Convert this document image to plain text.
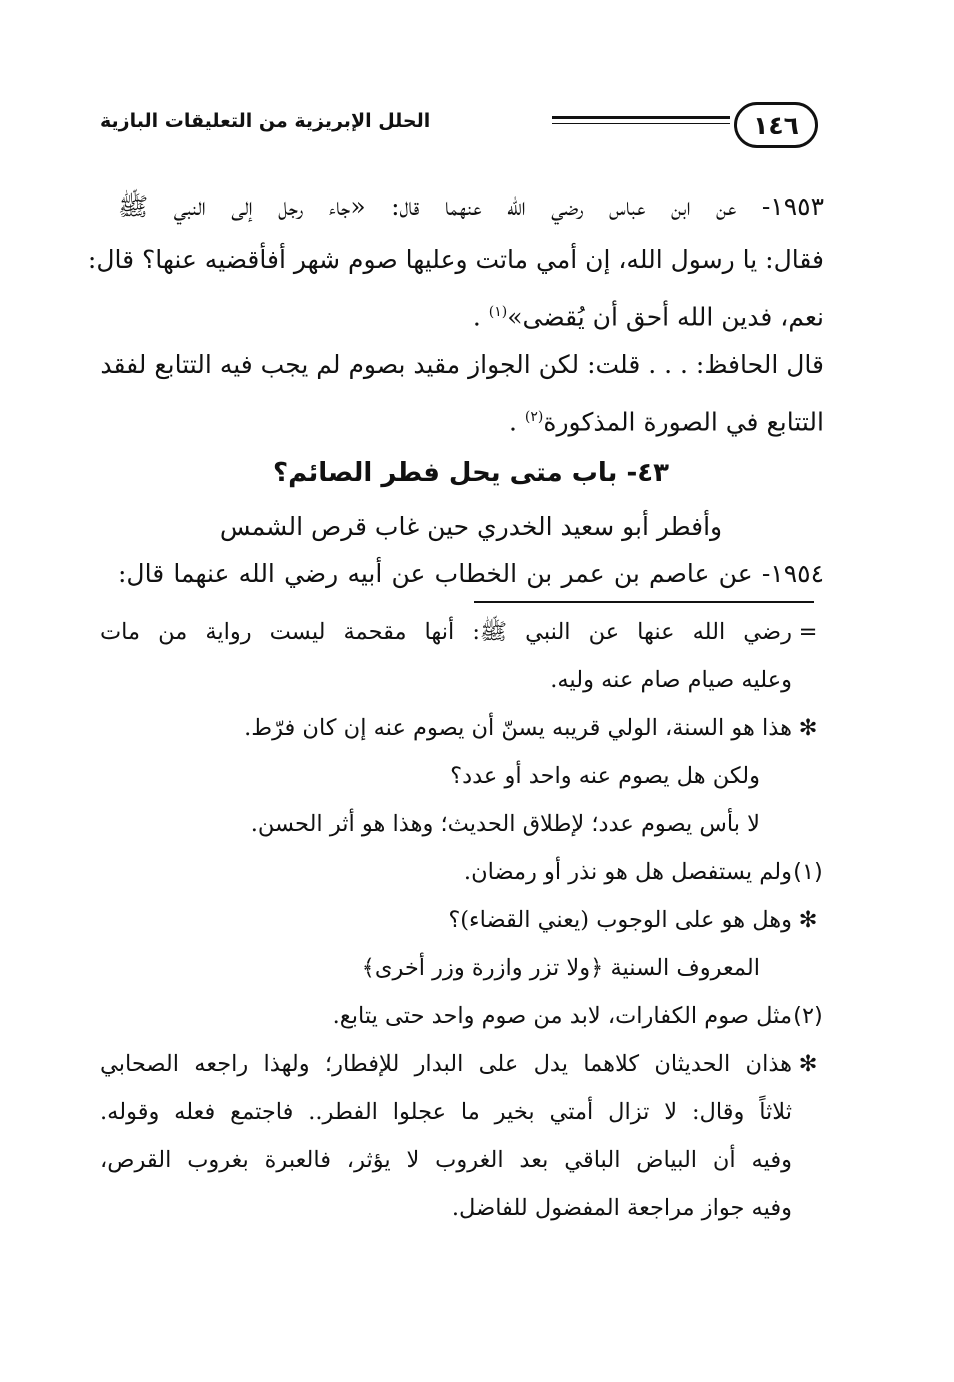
١٤٦
الحلل الإبريزية من التعليقات البازية
١٩٥٣- عن ابن عباس رضي الله عنهما قال: «جاء رجل إلى النبي ﷺ
فقال: يا رسول الله، إن أمي ماتت وعليها صوم شهر أفأقضيه عنها؟ قال:
نعم، فدين الله أحق أن يُقضى»$^{(١)}$ .
قال الحافظ: . . . قلت: لكن الجواز مقيد بصوم لم يجب فيه التتابع لفقد
التتابع في الصورة المذكورة$^{(٢)}$ .
٤٣- باب متى يحل فطر الصائم؟
وأفطر أبو سعيد الخدري حين غاب قرص الشمس
١٩٥٤- عن عاصم بن عمر بن الخطاب عن أبيه رضي الله عنهما قال:
=
رضي الله عنها عن النبي ﷺ: أنها مقحمة ليست رواية من مات
وعليه صيام صام عنه وليه.
✻
هذا هو السنة، الولي قريبه يسنّ أن يصوم عنه إن كان فرّط.
ولكن هل يصوم عنه واحد أو عدد؟
لا بأس يصوم عدد؛ لإطلاق الحديث؛ وهذا هو أثر الحسن.
(١)
ولم يستفصل هل هو نذر أو رمضان.
✻
وهل هو على الوجوب (يعني القضاء)؟
المعروف السنية ﴿ولا تزر وازرة وزر أخرى﴾
(٢)
مثل صوم الكفارات، لابد من صوم واحد حتى يتابع.
✻
هذان الحديثان كلاهما يدل على البدار للإفطار؛ ولهذا راجعه الصحابي
ثلاثاً وقال: لا تزال أمتي بخير ما عجلوا الفطر.. فاجتمع فعله وقوله.
وفيه أن البياض الباقي بعد الغروب لا يؤثر، فالعبرة بغروب القرص،
وفيه جواز مراجعة المفضول للفاضل.
